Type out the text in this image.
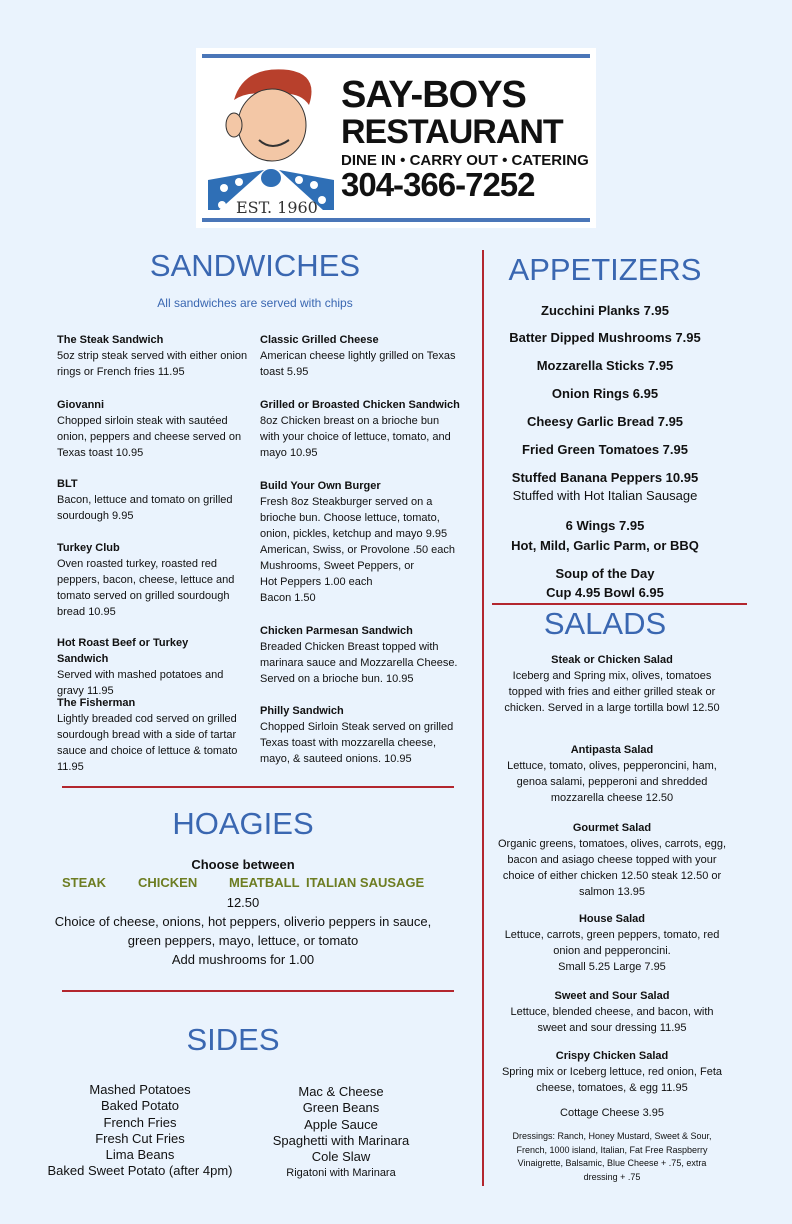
SAY-BOYS
RESTAURANT
DINE IN • CARRY OUT • CATERING
304-366-7252
EST. 1960
SANDWICHES
All sandwiches are served with chips
The Steak Sandwich
5oz strip steak served with either onion rings or French fries 11.95
Giovanni
Chopped sirloin steak with sautéed onion, peppers and cheese served on Texas toast 10.95
BLT
Bacon, lettuce and tomato on grilled sourdough 9.95
Turkey Club
Oven roasted turkey, roasted red peppers, bacon, cheese, lettuce and tomato served on grilled sourdough bread 10.95
Hot Roast Beef or Turkey Sandwich
Served with mashed potatoes and gravy 11.95
The Fisherman
Lightly breaded cod served on grilled sourdough bread with a side of tartar sauce and choice of lettuce & tomato 11.95
Classic Grilled Cheese
American cheese lightly grilled on Texas toast 5.95
Grilled or Broasted Chicken Sandwich
8oz Chicken breast on a brioche bun with your choice of lettuce, tomato, and mayo 10.95
Build Your Own Burger
Fresh 8oz Steakburger served on a brioche bun. Choose lettuce, tomato, onion, pickles, ketchup and mayo 9.95
American, Swiss, or Provolone .50 each
Mushrooms, Sweet Peppers, or
Hot Peppers 1.00 each
Bacon 1.50
Chicken Parmesan Sandwich
Breaded Chicken Breast topped with marinara sauce and Mozzarella Cheese. Served on a brioche bun. 10.95
Philly Sandwich
Chopped Sirloin Steak served on grilled Texas toast with mozzarella cheese, mayo, & sauteed onions. 10.95
HOAGIES
Choose between
STEAK CHICKEN MEATBALL ITALIAN SAUSAGE
12.50
Choice of cheese, onions, hot peppers, oliverio peppers in sauce,
green peppers, mayo, lettuce, or tomato
Add mushrooms for 1.00
SIDES
Mashed Potatoes
Baked Potato
French Fries
Fresh Cut Fries
Lima Beans
Baked Sweet Potato (after 4pm)
Mac & Cheese
Green Beans
Apple Sauce
Spaghetti with Marinara
Cole Slaw
Rigatoni with Marinara
APPETIZERS
Zucchini Planks 7.95
Batter Dipped Mushrooms 7.95
Mozzarella Sticks 7.95
Onion Rings 6.95
Cheesy Garlic Bread 7.95
Fried Green Tomatoes 7.95
Stuffed Banana Peppers 10.95
Stuffed with Hot Italian Sausage
6 Wings 7.95
Hot, Mild, Garlic Parm, or BBQ
Soup of the Day
Cup 4.95 Bowl 6.95
SALADS
Steak or Chicken Salad
Iceberg and Spring mix, olives, tomatoes topped with fries and either grilled steak or chicken. Served in a large tortilla bowl 12.50
Antipasta Salad
Lettuce, tomato, olives, pepperoncini, ham, genoa salami, pepperoni and shredded mozzarella cheese 12.50
Gourmet Salad
Organic greens, tomatoes, olives, carrots, egg, bacon and asiago cheese topped with your choice of either chicken 12.50 steak 12.50 or salmon 13.95
House Salad
Lettuce, carrots, green peppers, tomato, red onion and pepperoncini.
Small 5.25 Large 7.95
Sweet and Sour Salad
Lettuce, blended cheese, and bacon, with sweet and sour dressing 11.95
Crispy Chicken Salad
Spring mix or Iceberg lettuce, red onion, Feta cheese, tomatoes, & egg 11.95
Cottage Cheese 3.95
Dressings: Ranch, Honey Mustard, Sweet & Sour, French, 1000 island, Italian, Fat Free Raspberry Vinaigrette, Balsamic, Blue Cheese + .75, extra dressing + .75
